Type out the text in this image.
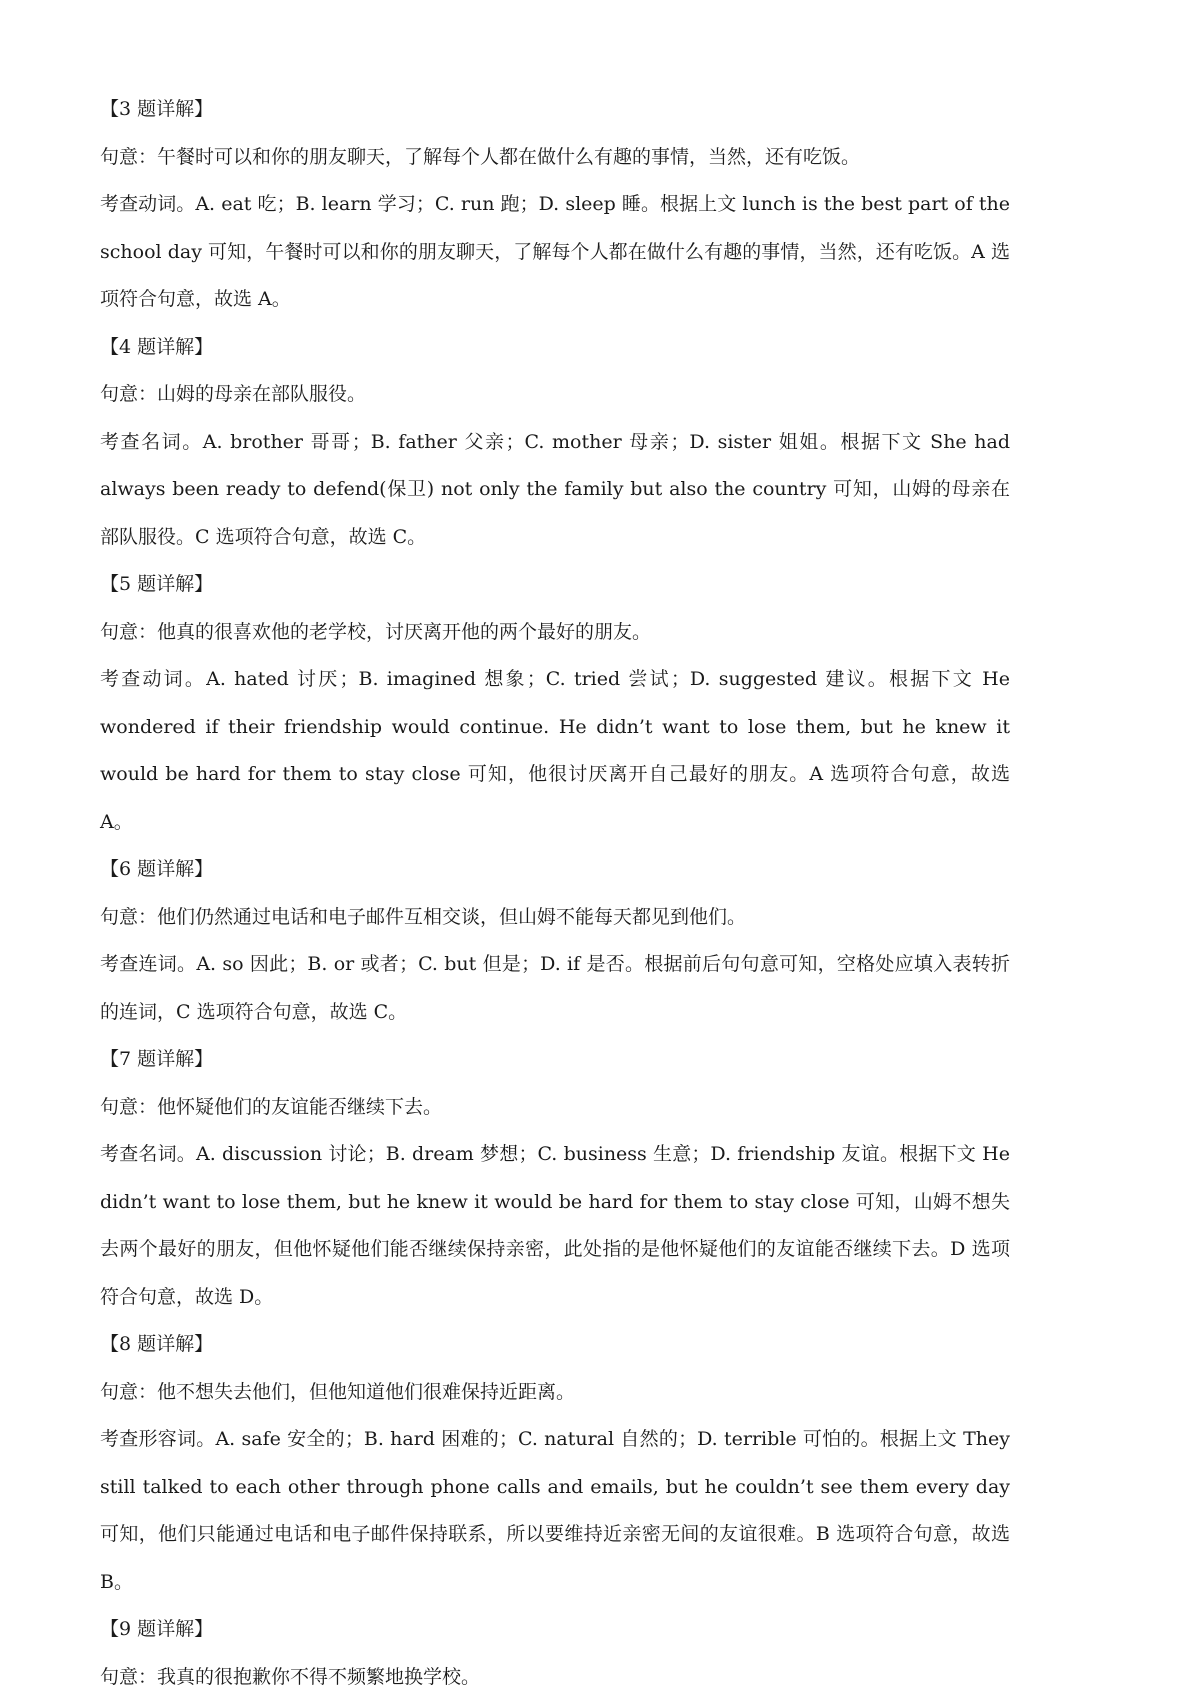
【3 题详解】

句意：午餐时可以和你的朋友聊天，了解每个人都在做什么有趣的事情，当然，还有吃饭。

考查动词。A. eat 吃；B. learn 学习；C. run 跑；D. sleep 睡。根据上文 lunch is the best part of the school day 可知，午餐时可以和你的朋友聊天，了解每个人都在做什么有趣的事情，当然，还有吃饭。A 选项符合句意，故选 A。

【4 题详解】

句意：山姆的母亲在部队服役。

考查名词。A. brother 哥哥；B. father 父亲；C. mother 母亲；D. sister 姐姐。根据下文 She had always been ready to defend(保卫) not only the family but also the country 可知，山姆的母亲在部队服役。C 选项符合句意，故选 C。

【5 题详解】

句意：他真的很喜欢他的老学校，讨厌离开他的两个最好的朋友。

考查动词。A. hated 讨厌；B. imagined 想象；C. tried 尝试；D. suggested 建议。根据下文 He wondered if their friendship would continue. He didn’t want to lose them, but he knew it would be hard for them to stay close 可知，他很讨厌离开自己最好的朋友。A 选项符合句意，故选 A。

【6 题详解】

句意：他们仍然通过电话和电子邮件互相交谈，但山姆不能每天都见到他们。

考查连词。A. so 因此；B. or 或者；C. but 但是；D. if 是否。根据前后句句意可知，空格处应填入表转折的连词，C 选项符合句意，故选 C。

【7 题详解】

句意：他怀疑他们的友谊能否继续下去。

考查名词。A. discussion 讨论；B. dream 梦想；C. business 生意；D. friendship 友谊。根据下文 He didn’t want to lose them, but he knew it would be hard for them to stay close 可知，山姆不想失去两个最好的朋友，但他怀疑他们能否继续保持亲密，此处指的是他怀疑他们的友谊能否继续下去。D 选项符合句意，故选 D。

【8 题详解】

句意：他不想失去他们，但他知道他们很难保持近距离。

考查形容词。A. safe 安全的；B. hard 困难的；C. natural 自然的；D. terrible 可怕的。根据上文 They still talked to each other through phone calls and emails, but he couldn’t see them every day 可知，他们只能通过电话和电子邮件保持联系，所以要维持近亲密无间的友谊很难。B 选项符合句意，故选 B。

【9 题详解】

句意：我真的很抱歉你不得不频繁地换学校。
